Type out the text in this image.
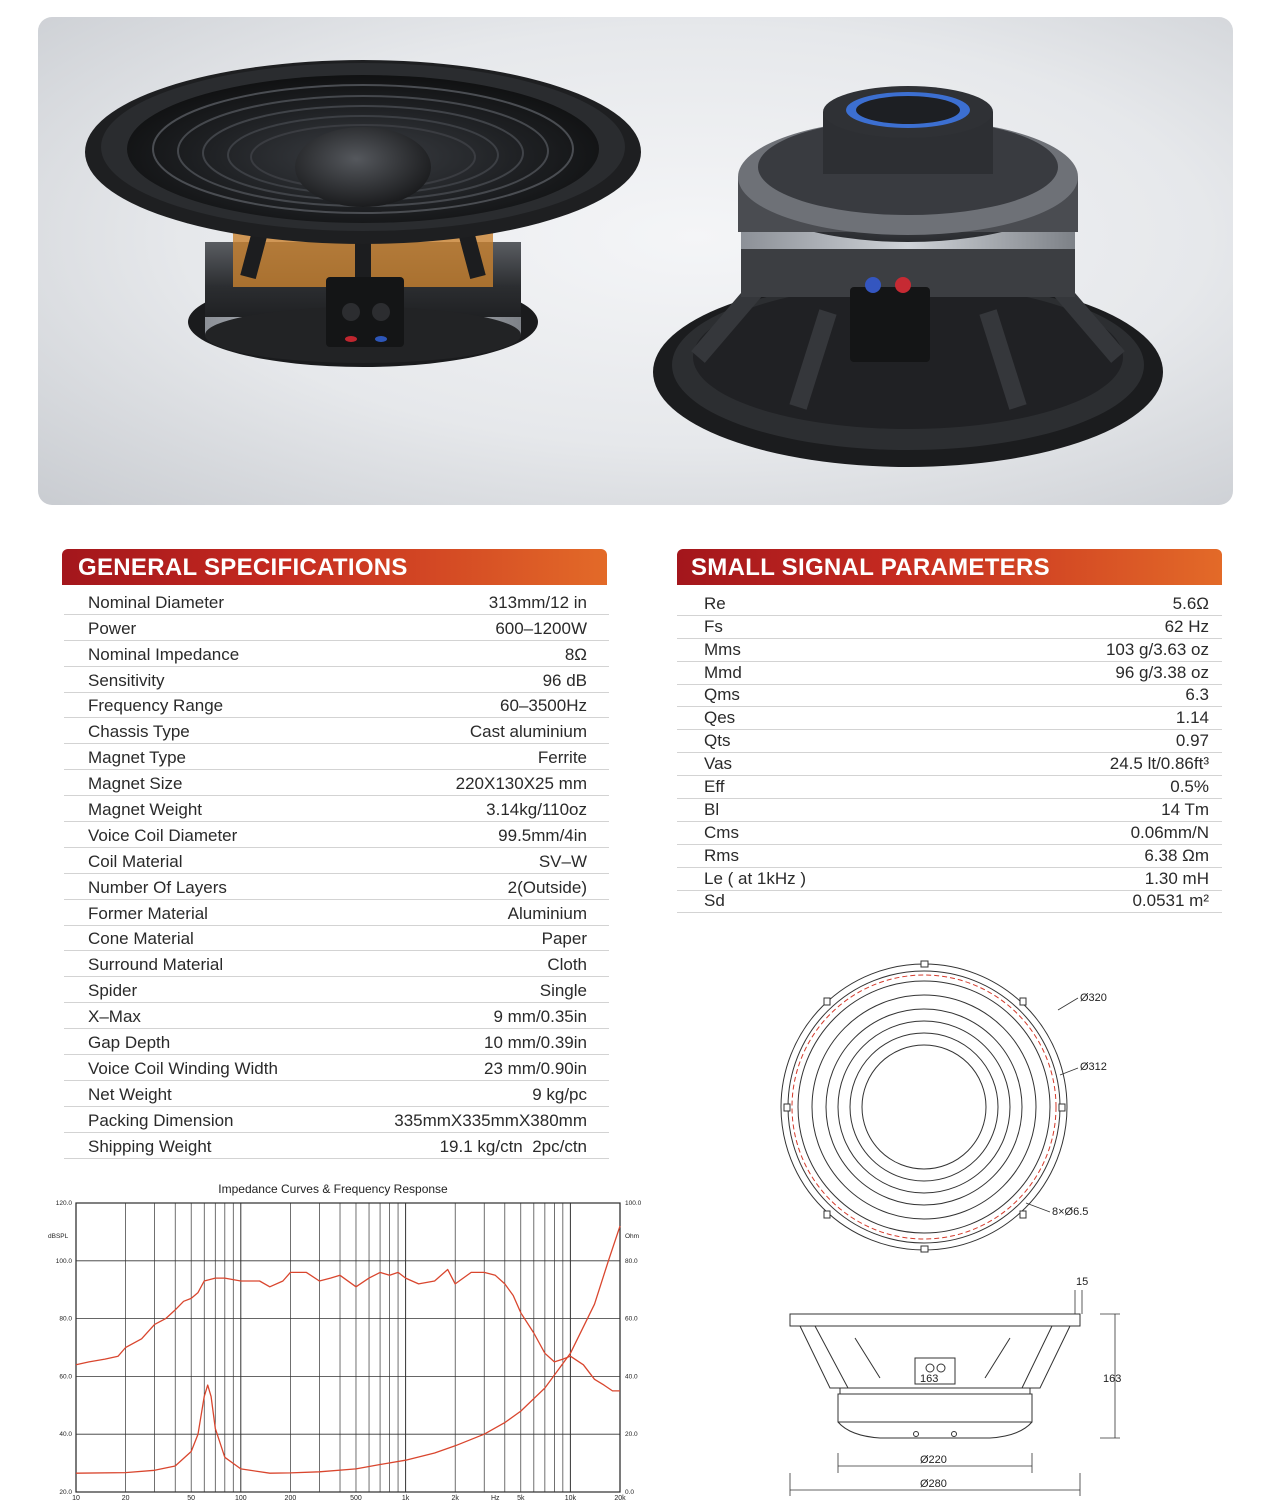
GENERAL SPECIFICATIONS
Nominal Diameter	313mm/12 in
Power	600–1200W
Nominal Impedance	8Ω
Sensitivity	96 dB
Frequency Range	60–3500Hz
Chassis Type	Cast aluminium
Magnet Type	Ferrite
Magnet Size	220X130X25 mm
Magnet Weight	3.14kg/110oz
Voice Coil Diameter	99.5mm/4in
Coil Material	SV–W
Number Of Layers	2(Outside)
Former Material	Aluminium
Cone Material	Paper
Surround Material	Cloth
Spider	Single
X–Max	9 mm/0.35in
Gap Depth	10 mm/0.39in
Voice Coil Winding Width	23 mm/0.90in
Net Weight	9 kg/pc
Packing Dimension	335mmX335mmX380mm
Shipping Weight	19.1 kg/ctn  2pc/ctn
SMALL SIGNAL PARAMETERS
Re	5.6Ω
Fs	62 Hz
Mms	103 g/3.63 oz
Mmd	96 g/3.38 oz
Qms	6.3
Qes	1.14
Qts	0.97
Vas	24.5 lt/0.86ft³
Eff	0.5%
Bl	14 Tm
Cms	0.06mm/N
Rms	6.38 Ωm
Le ( at 1kHz )	1.30 mH
Sd	0.0531 m²
Impedance Curves & Frequency Response
10	20	50	100	200	500	1k	2k	Hz	5k	10k	20k
20.0
40.0
60.0
80.0
100.0
120.0
0.0
20.0
40.0
60.0
80.0
100.0
dBSPL	Ohm
Ø320
Ø312
8×Ø6.5
15
163
163
Ø220
Ø280
